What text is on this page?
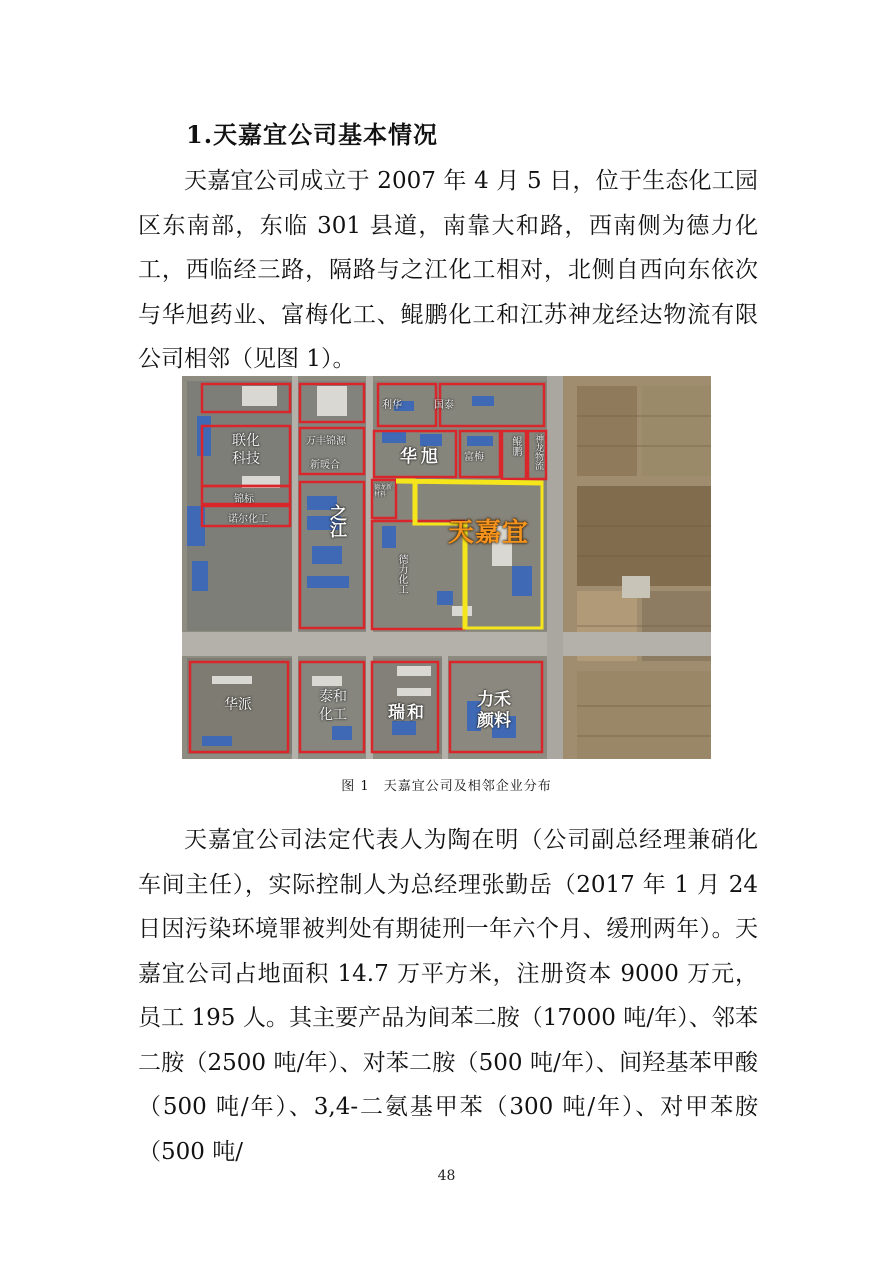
1.天嘉宜公司基本情况

天嘉宜公司成立于 2007 年 4 月 5 日，位于生态化工园区东南部，东临 301 县道，南靠大和路，西南侧为德力化工，西临经三路，隔路与之江化工相对，北侧自西向东依次与华旭药业、富梅化工、鲲鹏化工和江苏神龙经达物流有限公司相邻（见图 1）。

利华	国泰
联化科技
万丰锦源
新暖合	华旭 富梅
鲲鹏 神龙物流
锦标
诺尔化工	之江
德龙新材料
天嘉宜
德力化工
华派	泰和化工 瑞和
力禾颜料
图 1　天嘉宜公司及相邻企业分布

天嘉宜公司法定代表人为陶在明（公司副总经理兼硝化车间主任），实际控制人为总经理张勤岳（2017 年 1 月 24 日因污染环境罪被判处有期徒刑一年六个月、缓刑两年）。天嘉宜公司占地面积 14.7 万平方米，注册资本 9000 万元，员工 195 人。其主要产品为间苯二胺（17000 吨/年）、邻苯二胺（2500 吨/年）、对苯二胺（500 吨/年）、间羟基苯甲酸（500 吨/年）、3,4-二氨基甲苯（300 吨/年）、对甲苯胺（500 吨/

48
